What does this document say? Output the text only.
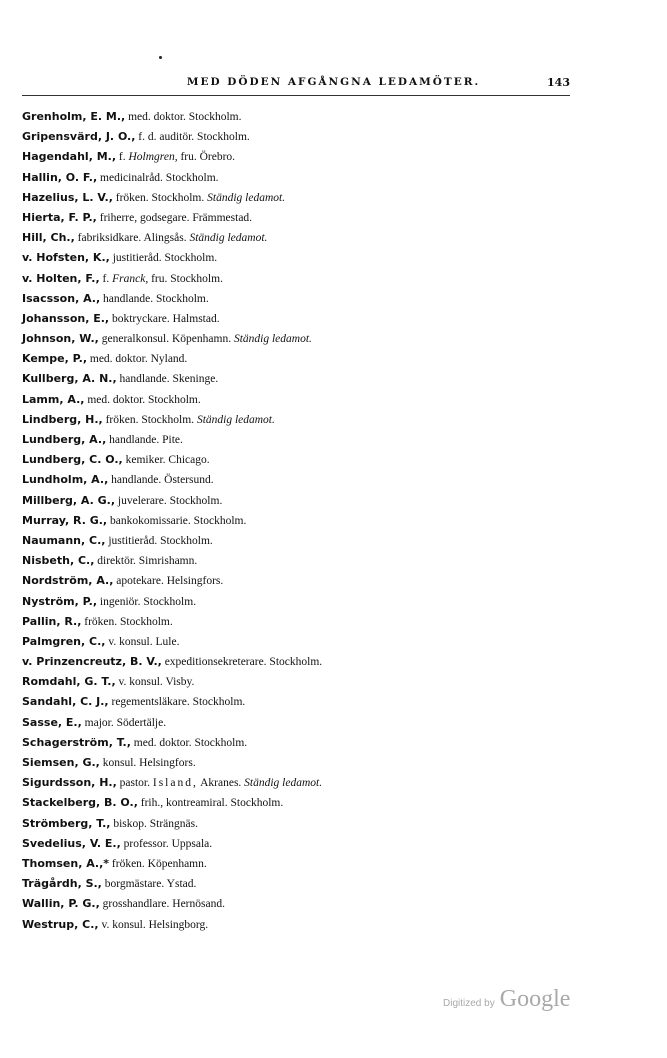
MED DÖDEN AFGÅNGNA LEDAMÖTER.	143
Grenholm, E. M., med. doktor. Stockholm.
Gripensvärd, J. O., f. d. auditör. Stockholm.
Hagendahl, M., f. Holmgren, fru. Örebro.
Hallin, O. F., medicinalråd. Stockholm.
Hazelius, L. V., fröken. Stockholm. Ständig ledamot.
Hierta, F. P., friherre, godsegare. Främmestad.
Hill, Ch., fabriksidkare. Alingsås. Ständig ledamot.
v. Hofsten, K., justitieråd. Stockholm.
v. Holten, F., f. Franck, fru. Stockholm.
Isacsson, A., handlande. Stockholm.
Johansson, E., boktryckare. Halmstad.
Johnson, W., generalkonsul. Köpenhamn. Ständig ledamot.
Kempe, P., med. doktor. Nyland.
Kullberg, A. N., handlande. Skeninge.
Lamm, A., med. doktor. Stockholm.
Lindberg, H., fröken. Stockholm. Ständig ledamot.
Lundberg, A., handlande. Pite.
Lundberg, C. O., kemiker. Chicago.
Lundholm, A., handlande. Östersund.
Millberg, A. G., juvelerare. Stockholm.
Murray, R. G., bankokomissarie. Stockholm.
Naumann, C., justitieråd. Stockholm.
Nisbeth, C., direktör. Simrishamn.
Nordström, A., apotekare. Helsingfors.
Nyström, P., ingeniör. Stockholm.
Pallin, R., fröken. Stockholm.
Palmgren, C., v. konsul. Lule.
v. Prinzencreutz, B. V., expeditionsekreterare. Stockholm.
Romdahl, G. T., v. konsul. Visby.
Sandahl, C. J., regementsläkare. Stockholm.
Sasse, E., major. Södertälje.
Schagerström, T., med. doktor. Stockholm.
Siemsen, G., konsul. Helsingfors.
Sigurdsson, H., pastor. Island, Akranes. Ständig ledamot.
Stackelberg, B. O., frih., kontreamiral. Stockholm.
Strömberg, T., biskop. Strängnäs.
Svedelius, V. E., professor. Uppsala.
Thomsen, A.,* fröken. Köpenhamn.
Trägårdh, S., borgmästare. Ystad.
Wallin, P. G., grosshandlare. Hernösand.
Westrup, C., v. konsul. Helsingborg.
Digitized by Google
